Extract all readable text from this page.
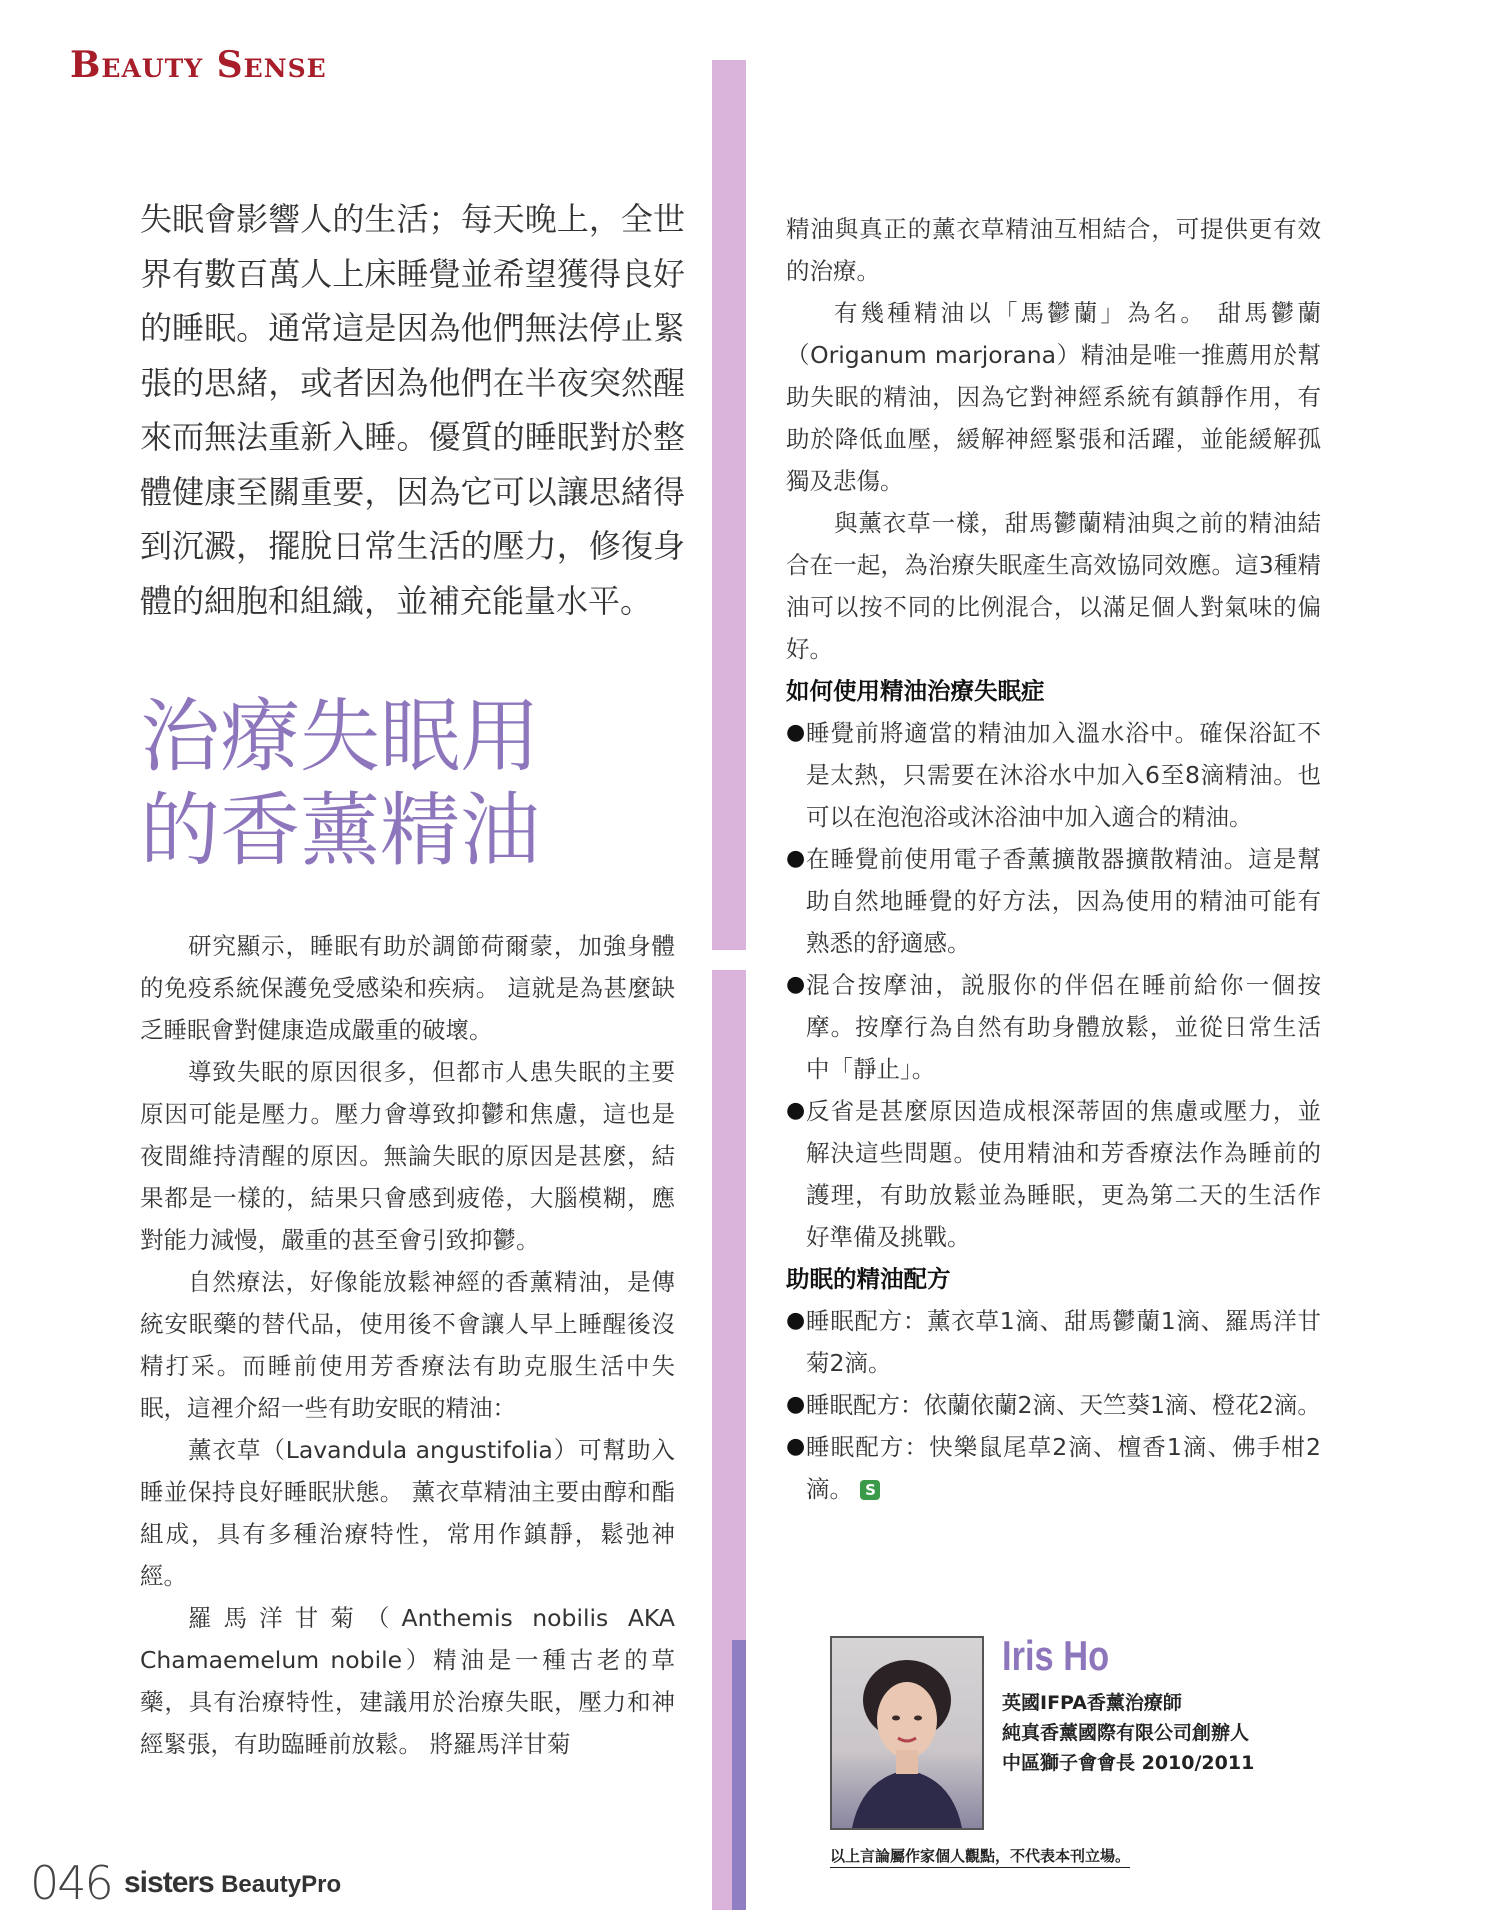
Beauty Sense

失眠會影響人的生活；每天晚上，全世界有數百萬人上床睡覺並希望獲得良好的睡眠。通常這是因為他們無法停止緊張的思緒，或者因為他們在半夜突然醒來而無法重新入睡。優質的睡眠對於整體健康至關重要，因為它可以讓思緒得到沉澱，擺脫日常生活的壓力，修復身體的細胞和組織，並補充能量水平。

治療失眠用
的香薰精油

研究顯示，睡眠有助於調節荷爾蒙，加強身體的免疫系統保護免受感染和疾病。 這就是為甚麼缺乏睡眠會對健康造成嚴重的破壞。

導致失眠的原因很多，但都市人患失眠的主要原因可能是壓力。壓力會導致抑鬱和焦慮，這也是夜間維持清醒的原因。無論失眠的原因是甚麼，結果都是一樣的，結果只會感到疲倦，大腦模糊，應對能力減慢，嚴重的甚至會引致抑鬱。

自然療法，好像能放鬆神經的香薰精油，是傳統安眠藥的替代品，使用後不會讓人早上睡醒後沒精打采。而睡前使用芳香療法有助克服生活中失眠，這裡介紹一些有助安眠的精油：

薰衣草（Lavandula angustifolia）可幫助入睡並保持良好睡眠狀態。 薰衣草精油主要由醇和酯組成，具有多種治療特性，常用作鎮靜，鬆弛神經。

羅馬洋甘菊（Anthemis nobilis AKA Chamaemelum nobile）精油是一種古老的草藥，具有治療特性，建議用於治療失眠，壓力和神經緊張，有助臨睡前放鬆。 將羅馬洋甘菊

精油與真正的薰衣草精油互相結合，可提供更有效的治療。

有幾種精油以「馬鬱蘭」為名。 甜馬鬱蘭（Origanum marjorana）精油是唯一推薦用於幫助失眠的精油，因為它對神經系統有鎮靜作用，有助於降低血壓，緩解神經緊張和活躍，並能緩解孤獨及悲傷。

與薰衣草一樣，甜馬鬱蘭精油與之前的精油結合在一起，為治療失眠產生高效協同效應。這3種精油可以按不同的比例混合，以滿足個人對氣味的偏好。

如何使用精油治療失眠症
● 睡覺前將適當的精油加入溫水浴中。確保浴缸不是太熱，只需要在沐浴水中加入6至8滴精油。也可以在泡泡浴或沐浴油中加入適合的精油。
● 在睡覺前使用電子香薰擴散器擴散精油。這是幫助自然地睡覺的好方法，因為使用的精油可能有熟悉的舒適感。
● 混合按摩油，説服你的伴侶在睡前給你一個按摩。按摩行為自然有助身體放鬆，並從日常生活中「靜止」。
● 反省是甚麼原因造成根深蒂固的焦慮或壓力，並解決這些問題。使用精油和芳香療法作為睡前的護理，有助放鬆並為睡眠，更為第二天的生活作好準備及挑戰。
助眠的精油配方
● 睡眠配方：薰衣草1滴、甜馬鬱蘭1滴、羅馬洋甘菊2滴。
● 睡眠配方：依蘭依蘭2滴、天竺葵1滴、橙花2滴。
● 睡眠配方：快樂鼠尾草2滴、檀香1滴、佛手柑2滴。 S
Iris Ho
英國IFPA香薰治療師
純真香薰國際有限公司創辦人
中區獅子會會長 2010/2011
以上言論屬作家個人觀點，不代表本刊立場。
046 sisters BeautyPro
